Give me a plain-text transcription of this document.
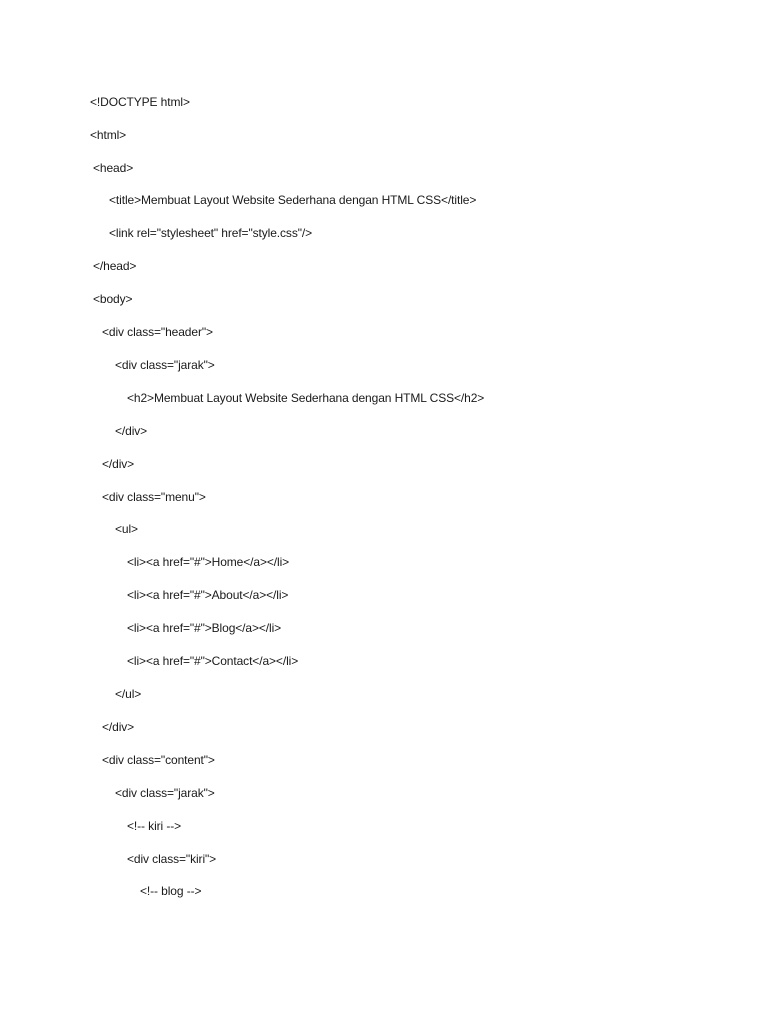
<!DOCTYPE html>
<html>
<head>
<title>Membuat Layout Website Sederhana dengan HTML CSS</title>
<link rel="stylesheet" href="style.css"/>
</head>
<body>
<div class="header">
<div class="jarak">
<h2>Membuat Layout Website Sederhana dengan HTML CSS</h2>
</div>
</div>
<div class="menu">
<ul>
<li><a href="#">Home</a></li>
<li><a href="#">About</a></li>
<li><a href="#">Blog</a></li>
<li><a href="#">Contact</a></li>
</ul>
</div>
<div class="content">
<div class="jarak">
<!-- kiri -->
<div class="kiri">
<!-- blog -->
